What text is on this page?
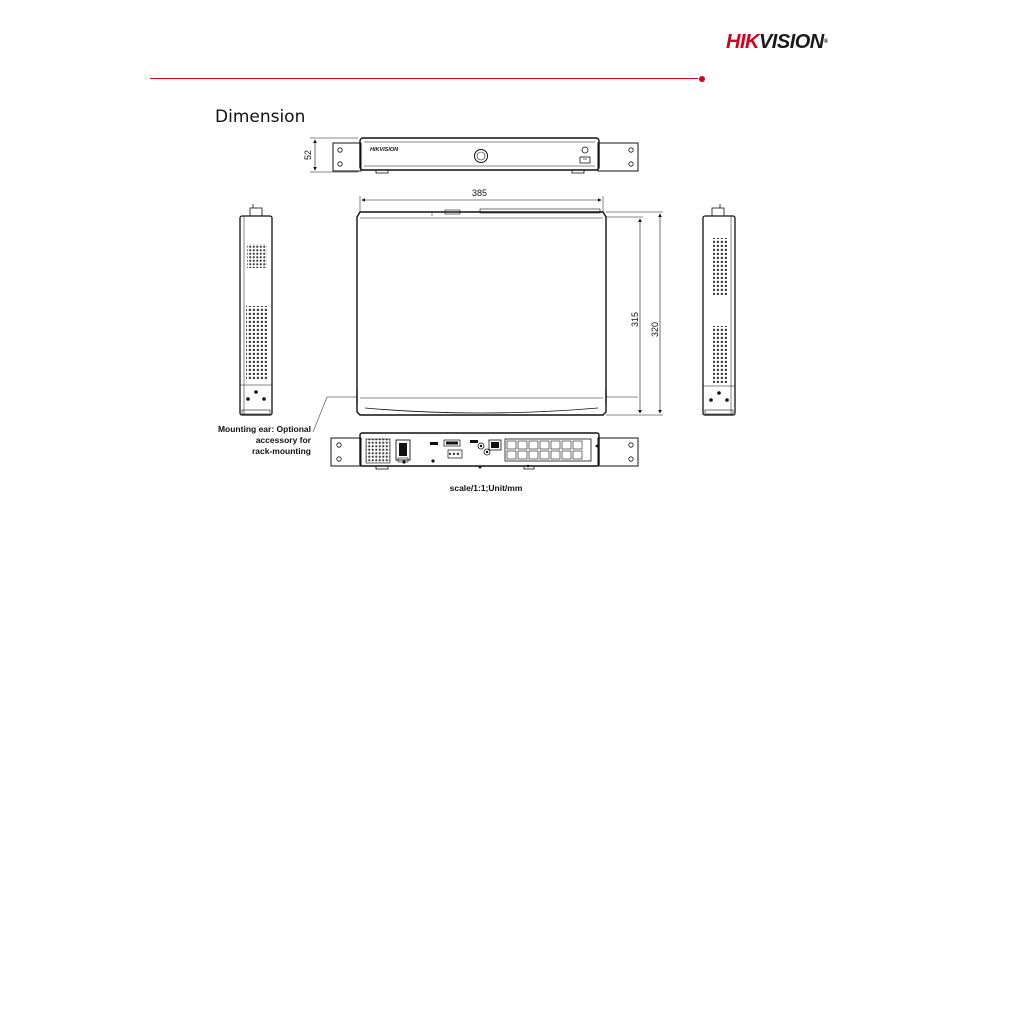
HIKVISION®
Dimension
HIKVISION
52
385
315
320
Mounting ear: Optional
accessory for
rack-mounting
scale/1:1;Unit/mm
